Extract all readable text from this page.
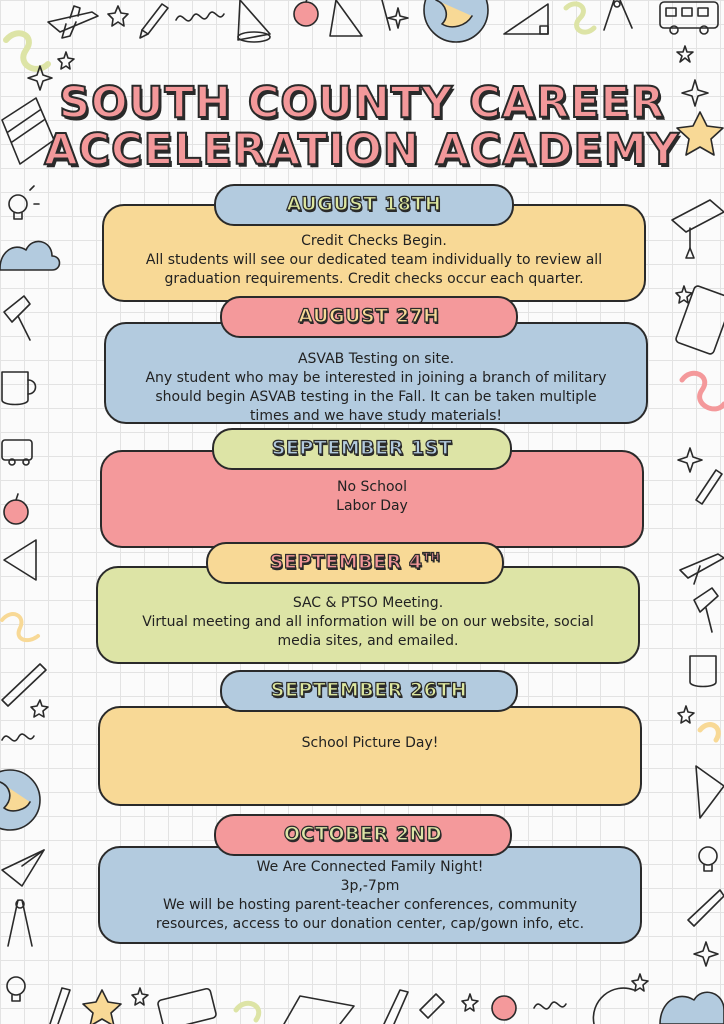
SOUTH COUNTY CAREER
ACCELERATION ACADEMY

Credit Checks Begin.

All students will see our dedicated team individually to review all

graduation requirements. Credit checks occur each quarter.

AUGUST 18TH

ASVAB Testing on site.

Any student who may be interested in joining a branch of military

should begin ASVAB testing in the Fall. It can be taken multiple

times and we have study materials!

AUGUST 27H

No School

Labor Day

SEPTEMBER 1ST

SAC & PTSO Meeting.

Virtual meeting and all information will be on our website, social

media sites, and emailed.

SEPTEMBER 4TH

School Picture Day!

SEPTEMBER 26TH

We Are Connected Family Night!

3p,-7pm

We will be hosting parent-teacher conferences, community

resources, access to our donation center, cap/gown info, etc.

OCTOBER 2ND
